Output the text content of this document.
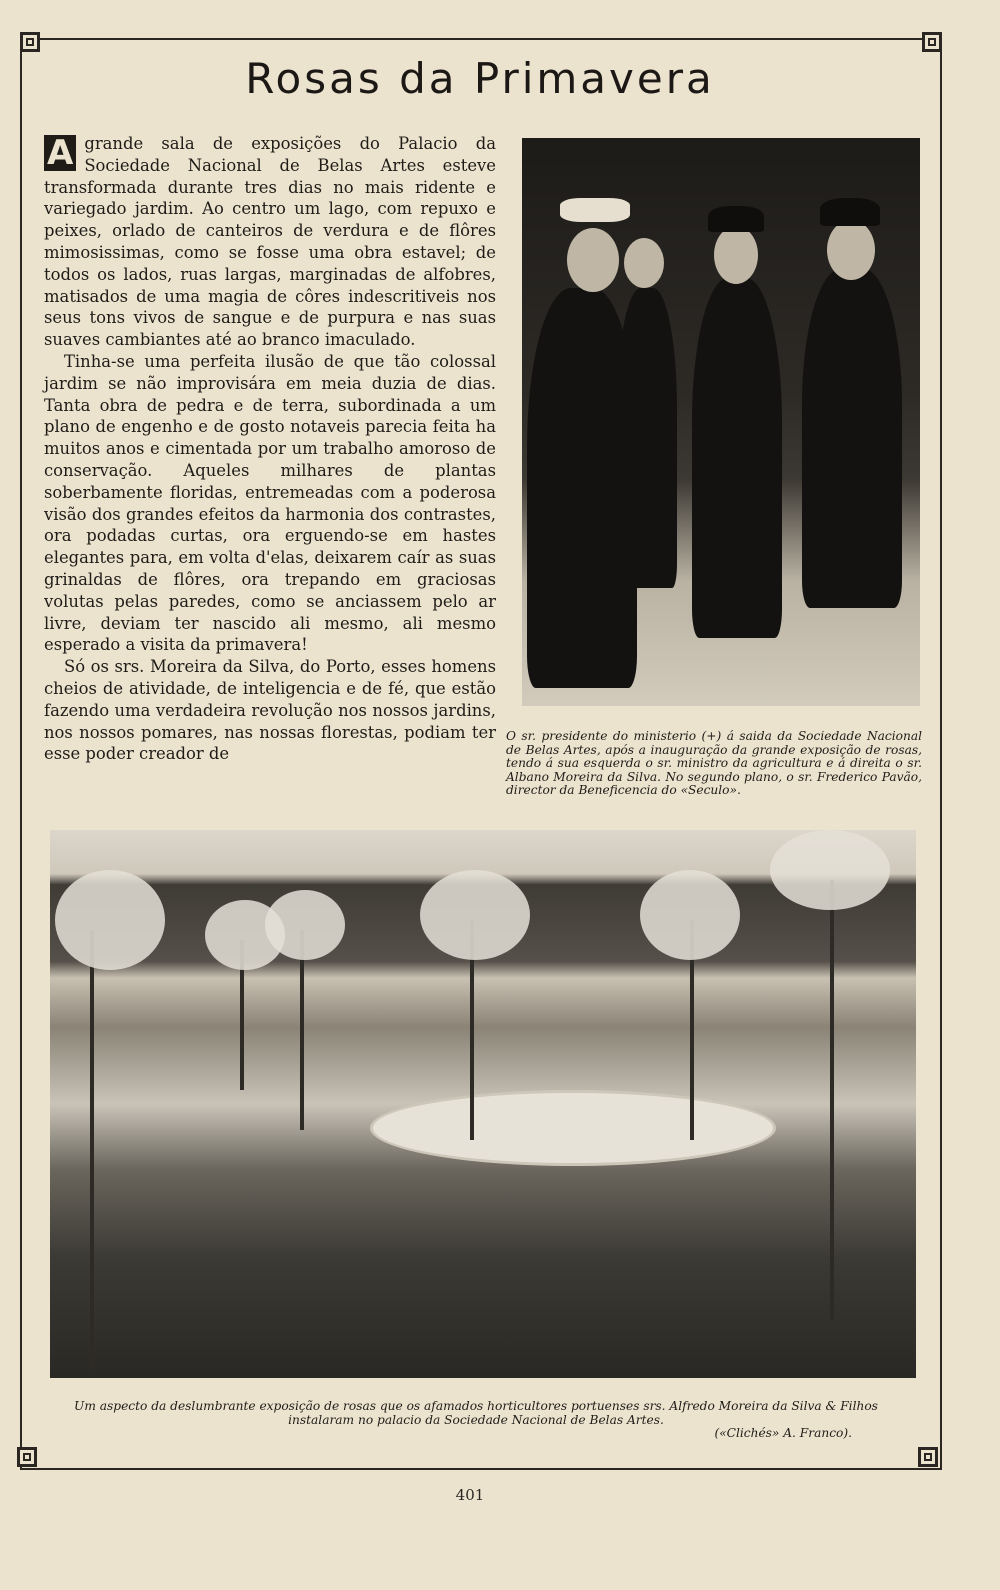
Rosas da Primavera

A grande sala de exposições do Palacio da Sociedade Nacional de Belas Artes esteve transformada durante tres dias no mais ridente e variegado jardim. Ao centro um lago, com repuxo e peixes, orlado de canteiros de verdura e de flôres mimosissimas, como se fosse uma obra estavel; de todos os lados, ruas largas, marginadas de alfobres, matisados de uma magia de côres indescritiveis nos seus tons vivos de sangue e de purpura e nas suas suaves cambiantes até ao branco imaculado.

Tinha-se uma perfeita ilusão de que tão colossal jardim se não improvisára em meia duzia de dias. Tanta obra de pedra e de terra, subordinada a um plano de engenho e de gosto notaveis parecia feita ha muitos anos e cimentada por um trabalho amoroso de conservação. Aqueles milhares de plantas soberbamente floridas, entremeadas com a poderosa visão dos grandes efeitos da harmonia dos contrastes, ora podadas curtas, ora erguendo-se em hastes elegantes para, em volta d'elas, deixarem caír as suas grinaldas de flôres, ora trepando em graciosas volutas pelas paredes, como se anciassem pelo ar livre, deviam ter nascido ali mesmo, ali mesmo esperado a visita da primavera!

Só os srs. Moreira da Silva, do Porto, esses homens cheios de atividade, de inteligencia e de fé, que estão fazendo uma verdadeira revolução nos nossos jardins, nos nossos pomares, nas nossas florestas, podiam ter esse poder creador de

O sr. presidente do ministerio (+) á saida da Sociedade Nacional de Belas Artes, após a inauguração da grande exposição de rosas, tendo á sua esquerda o sr. ministro da agricultura e á direita o sr. Albano Moreira da Silva. No segundo plano, o sr. Frederico Pavão, director da Beneficencia do «Seculo».

Um aspecto da deslumbrante exposição de rosas que os afamados horticultores portuenses srs. Alfredo Moreira da Silva & Filhos instalaram no palacio da Sociedade Nacional de Belas Artes.
(«Clichés» A. Franco).

401
